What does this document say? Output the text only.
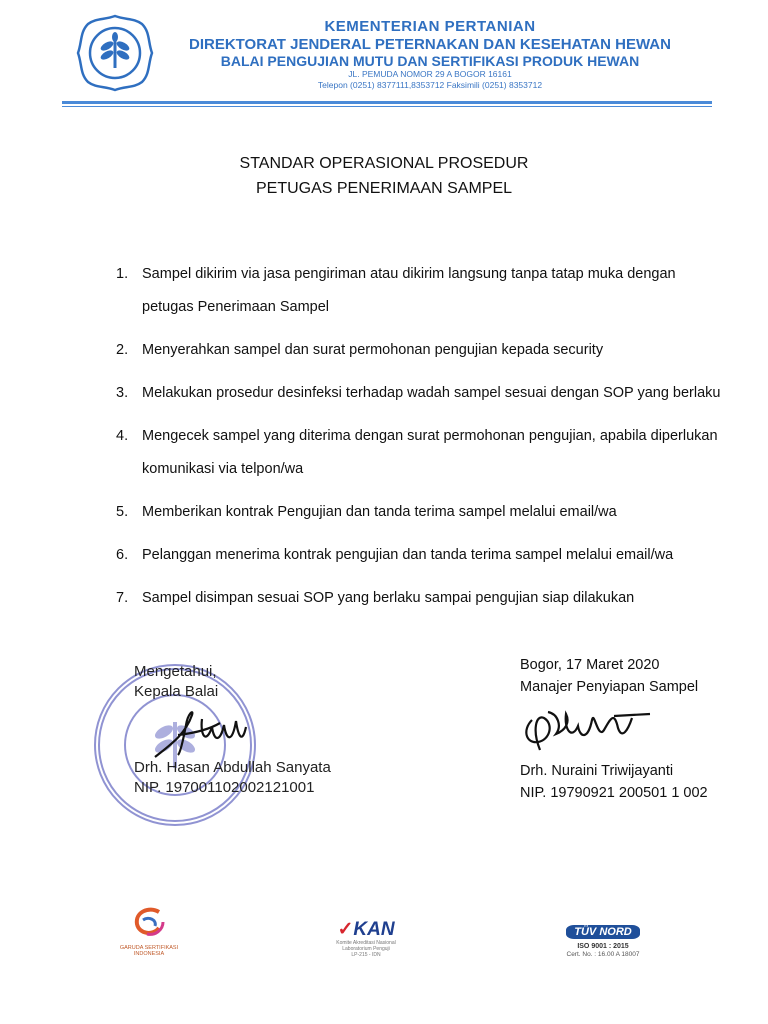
KEMENTERIAN PERTANIAN
DIREKTORAT JENDERAL PETERNAKAN DAN KESEHATAN HEWAN
BALAI PENGUJIAN MUTU DAN SERTIFIKASI PRODUK HEWAN
JL. PEMUDA NOMOR 29 A BOGOR 16161
Telepon (0251) 8377111,8353712 Faksimili (0251) 8353712
STANDAR OPERASIONAL PROSEDUR
PETUGAS PENERIMAAN SAMPEL
1. Sampel dikirim via jasa pengiriman atau dikirim langsung tanpa tatap muka dengan petugas Penerimaan Sampel
2. Menyerahkan sampel dan surat permohonan pengujian kepada security
3. Melakukan prosedur desinfeksi terhadap wadah sampel sesuai dengan SOP yang berlaku
4. Mengecek sampel yang diterima dengan surat permohonan pengujian, apabila diperlukan komunikasi via telpon/wa
5. Memberikan kontrak Pengujian dan tanda terima sampel melalui email/wa
6. Pelanggan menerima kontrak pengujian dan tanda terima sampel melalui email/wa
7. Sampel disimpan sesuai SOP yang berlaku sampai pengujian siap dilakukan
Mengetahui,
Kepala Balai
Drh. Hasan Abdullah Sanyata
NIP. 197001102002121001
Bogor, 17 Maret 2020
Manajer Penyiapan Sampel
Drh. Nuraini Triwijayanti
NIP. 19790921 200501 1 002
GARUDA SERTIFIKASI INDONESIA
✓KAN
Komite Akreditasi Nasional
Laboratorium Penguji
LP-215 - IDN
TÜV NORD
ISO 9001 : 2015
Cert. No. : 16.00 A 18007
